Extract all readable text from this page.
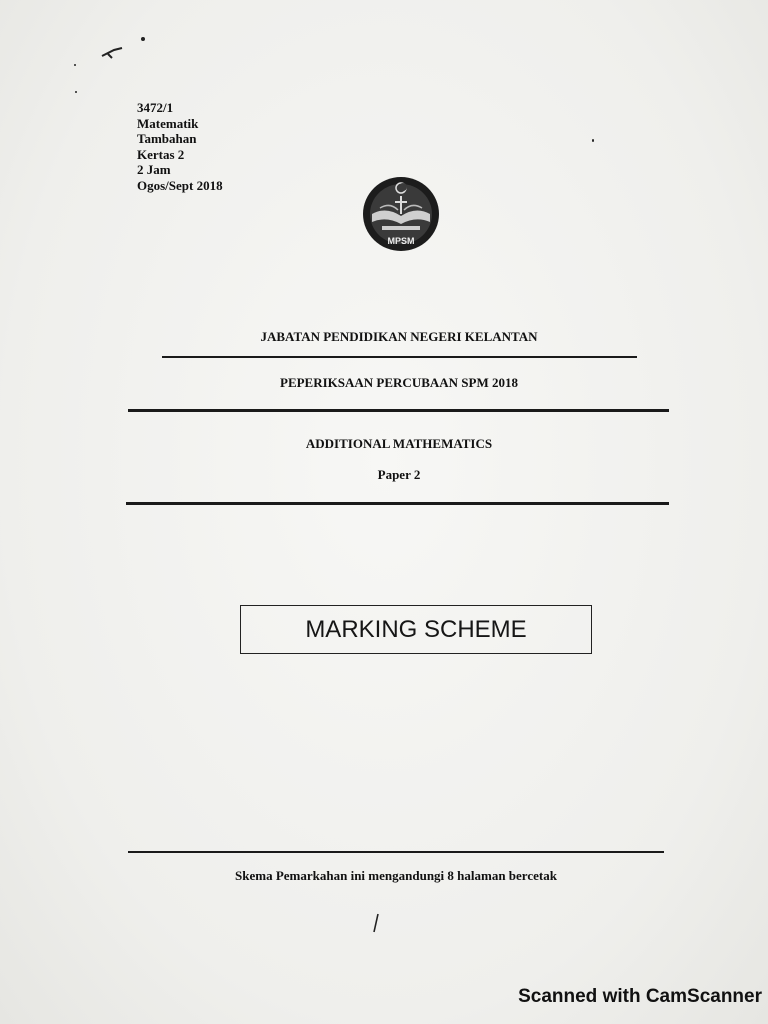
3472/1
Matematik
Tambahan
Kertas 2
2 Jam
Ogos/Sept 2018
MPSM
JABATAN PENDIDIKAN NEGERI KELANTAN
PEPERIKSAAN PERCUBAAN SPM 2018
ADDITIONAL MATHEMATICS
Paper 2
MARKING SCHEME
Skema Pemarkahan ini mengandungi 8 halaman bercetak
Scanned with CamScanner
